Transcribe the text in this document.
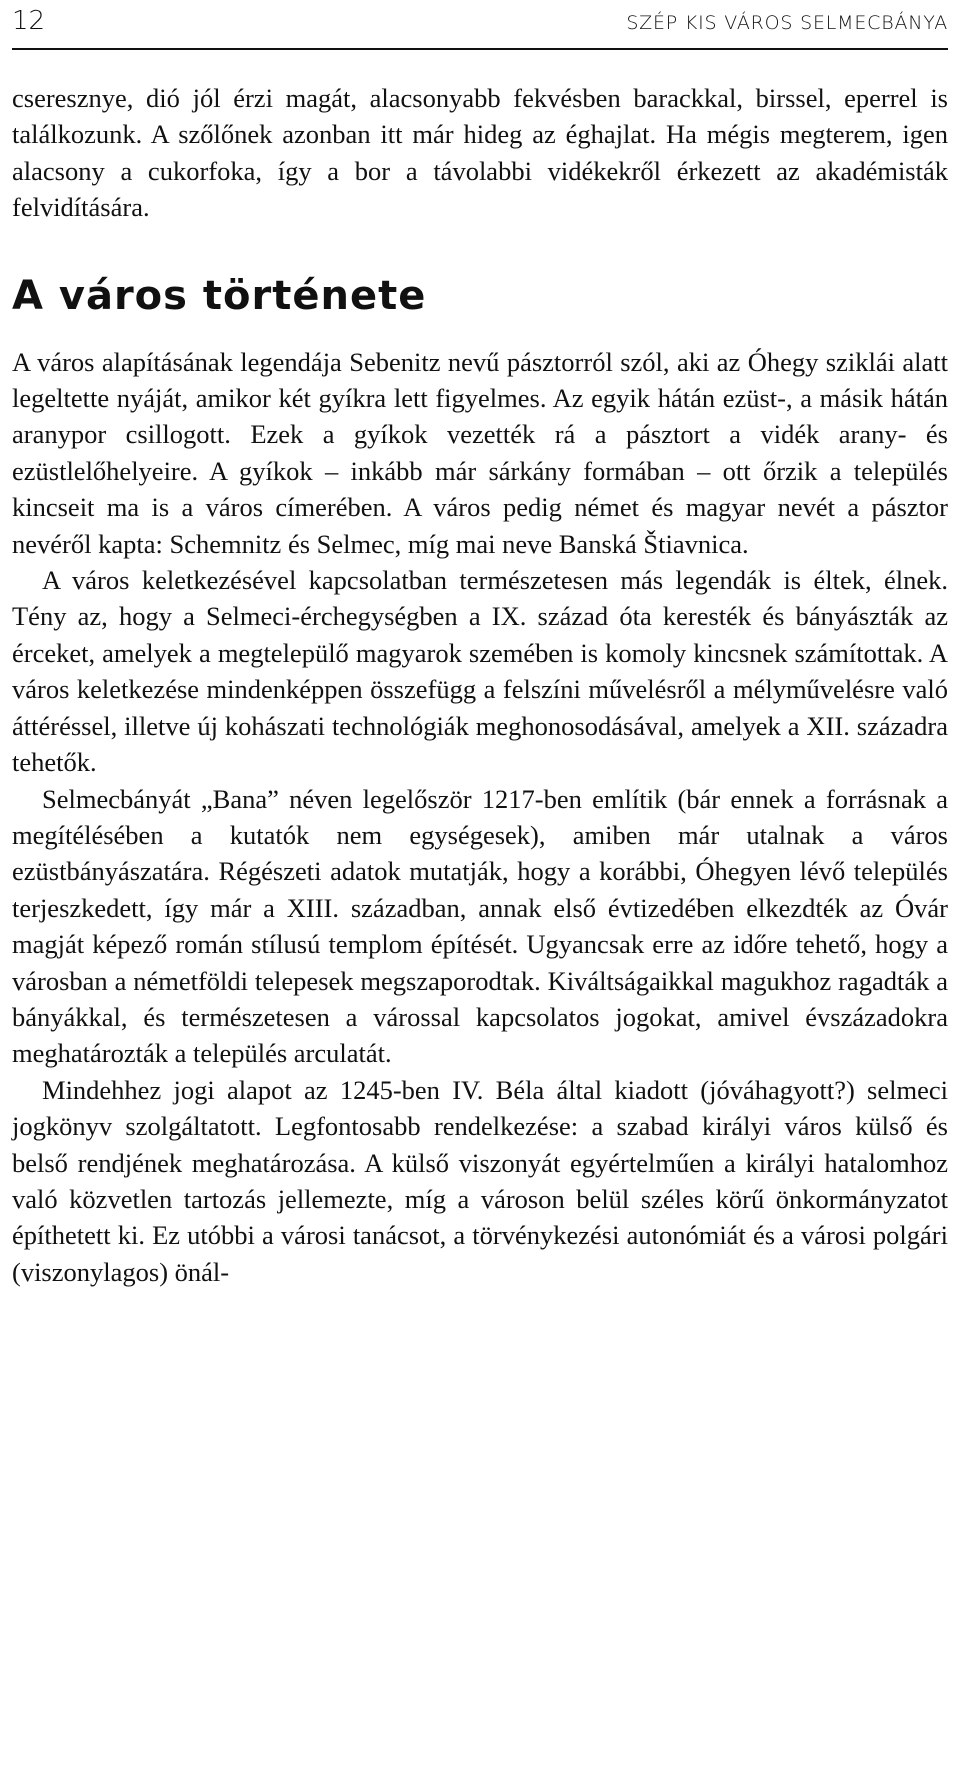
12	SZÉP KIS VÁROS SELMECBÁNYA

cseresznye, dió jól érzi magát, alacsonyabb fekvésben barackkal, birssel, eperrel is találkozunk. A szőlőnek azonban itt már hideg az éghajlat. Ha mégis megterem, igen alacsony a cukorfoka, így a bor a távolabbi vidékekről érkezett az akadémisták felvidítására.

A város története

A város alapításának legendája Sebenitz nevű pásztorról szól, aki az Óhegy sziklái alatt legeltette nyáját, amikor két gyíkra lett figyelmes. Az egyik hátán ezüst-, a másik hátán aranypor csillogott. Ezek a gyíkok vezették rá a pásztort a vidék arany- és ezüstlelőhelyeire. A gyíkok – inkább már sárkány formában – ott őrzik a település kincseit ma is a város címerében. A város pedig német és magyar nevét a pásztor nevéről kapta: Schemnitz és Selmec, míg mai neve Banská Štiavnica.

A város keletkezésével kapcsolatban természetesen más legendák is éltek, élnek. Tény az, hogy a Selmeci-érchegységben a IX. század óta keresték és bányászták az érceket, amelyek a megtelepülő magyarok szemében is komoly kincsnek számítottak. A város keletkezése mindenképpen összefügg a felszíni művelésről a mélyművelésre való áttéréssel, illetve új kohászati technológiák meghonosodásával, amelyek a XII. századra tehetők.

Selmecbányát „Bana” néven legelőször 1217-ben említik (bár ennek a forrásnak a megítélésében a kutatók nem egységesek), amiben már utalnak a város ezüstbányászatára. Régészeti adatok mutatják, hogy a korábbi, Óhegyen lévő település terjeszkedett, így már a XIII. században, annak első évtizedében elkezdték az Óvár magját képező román stílusú templom építését. Ugyancsak erre az időre tehető, hogy a városban a németföldi telepesek megszaporodtak. Kiváltságaikkal magukhoz ragadták a bányákkal, és természetesen a várossal kapcsolatos jogokat, amivel évszázadokra meghatározták a település arculatát.

Mindehhez jogi alapot az 1245-ben IV. Béla által kiadott (jóváhagyott?) selmeci jogkönyv szolgáltatott. Legfontosabb rendelkezése: a szabad királyi város külső és belső rendjének meghatározása. A külső viszonyát egyértelműen a királyi hatalomhoz való közvetlen tartozás jellemezte, míg a városon belül széles körű önkormányzatot építhetett ki. Ez utóbbi a városi tanácsot, a törvénykezési autonómiát és a városi polgári (viszonylagos) önál-
